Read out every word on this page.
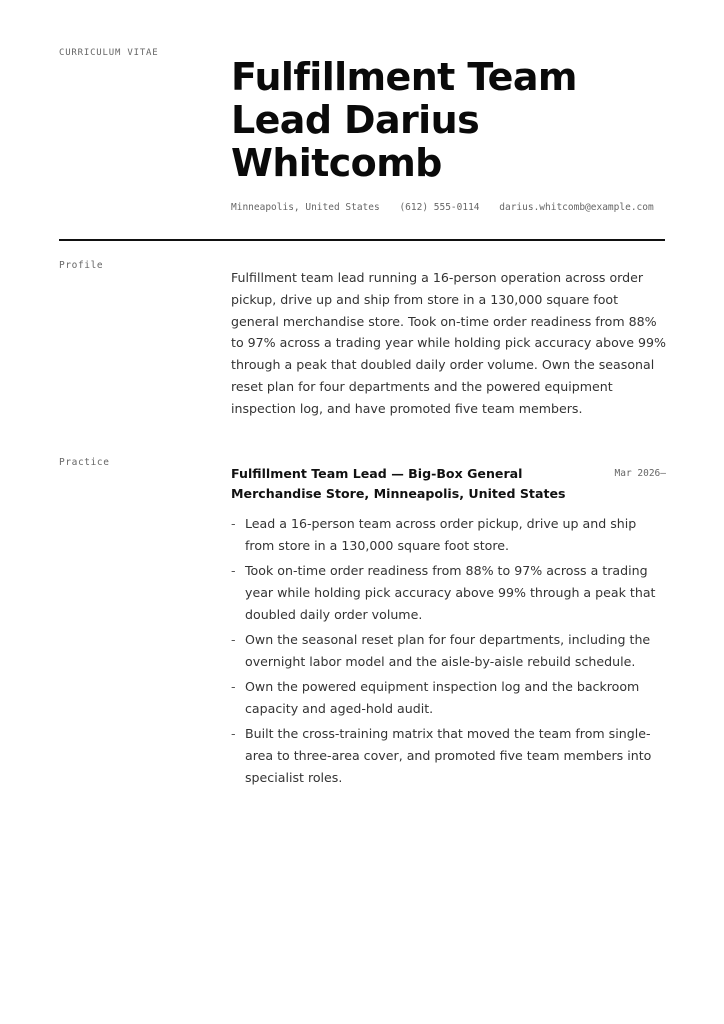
CURRICULUM VITAE
Fulfillment Team Lead Darius Whitcomb
Minneapolis, United States (612) 555-0114 darius.whitcomb@example.com
Profile

Fulfillment team lead running a 16-person operation across order pickup, drive up and ship from store in a 130,000 square foot general merchandise store. Took on-time order readiness from 88% to 97% across a trading year while holding pick accuracy above 99% through a peak that doubled daily order volume. Own the seasonal reset plan for four departments and the powered equipment inspection log, and have promoted five team members.

Practice
Fulfillment Team Lead — Big-Box General Merchandise Store, Minneapolis, United States
Mar 2026–
- Lead a 16-person team across order pickup, drive up and ship from store in a 130,000 square foot store.
- Took on-time order readiness from 88% to 97% across a trading year while holding pick accuracy above 99% through a peak that doubled daily order volume.
- Own the seasonal reset plan for four departments, including the overnight labor model and the aisle-by-aisle rebuild schedule.
- Own the powered equipment inspection log and the backroom capacity and aged-hold audit.
- Built the cross-training matrix that moved the team from single-area to three-area cover, and promoted five team members into specialist roles.
